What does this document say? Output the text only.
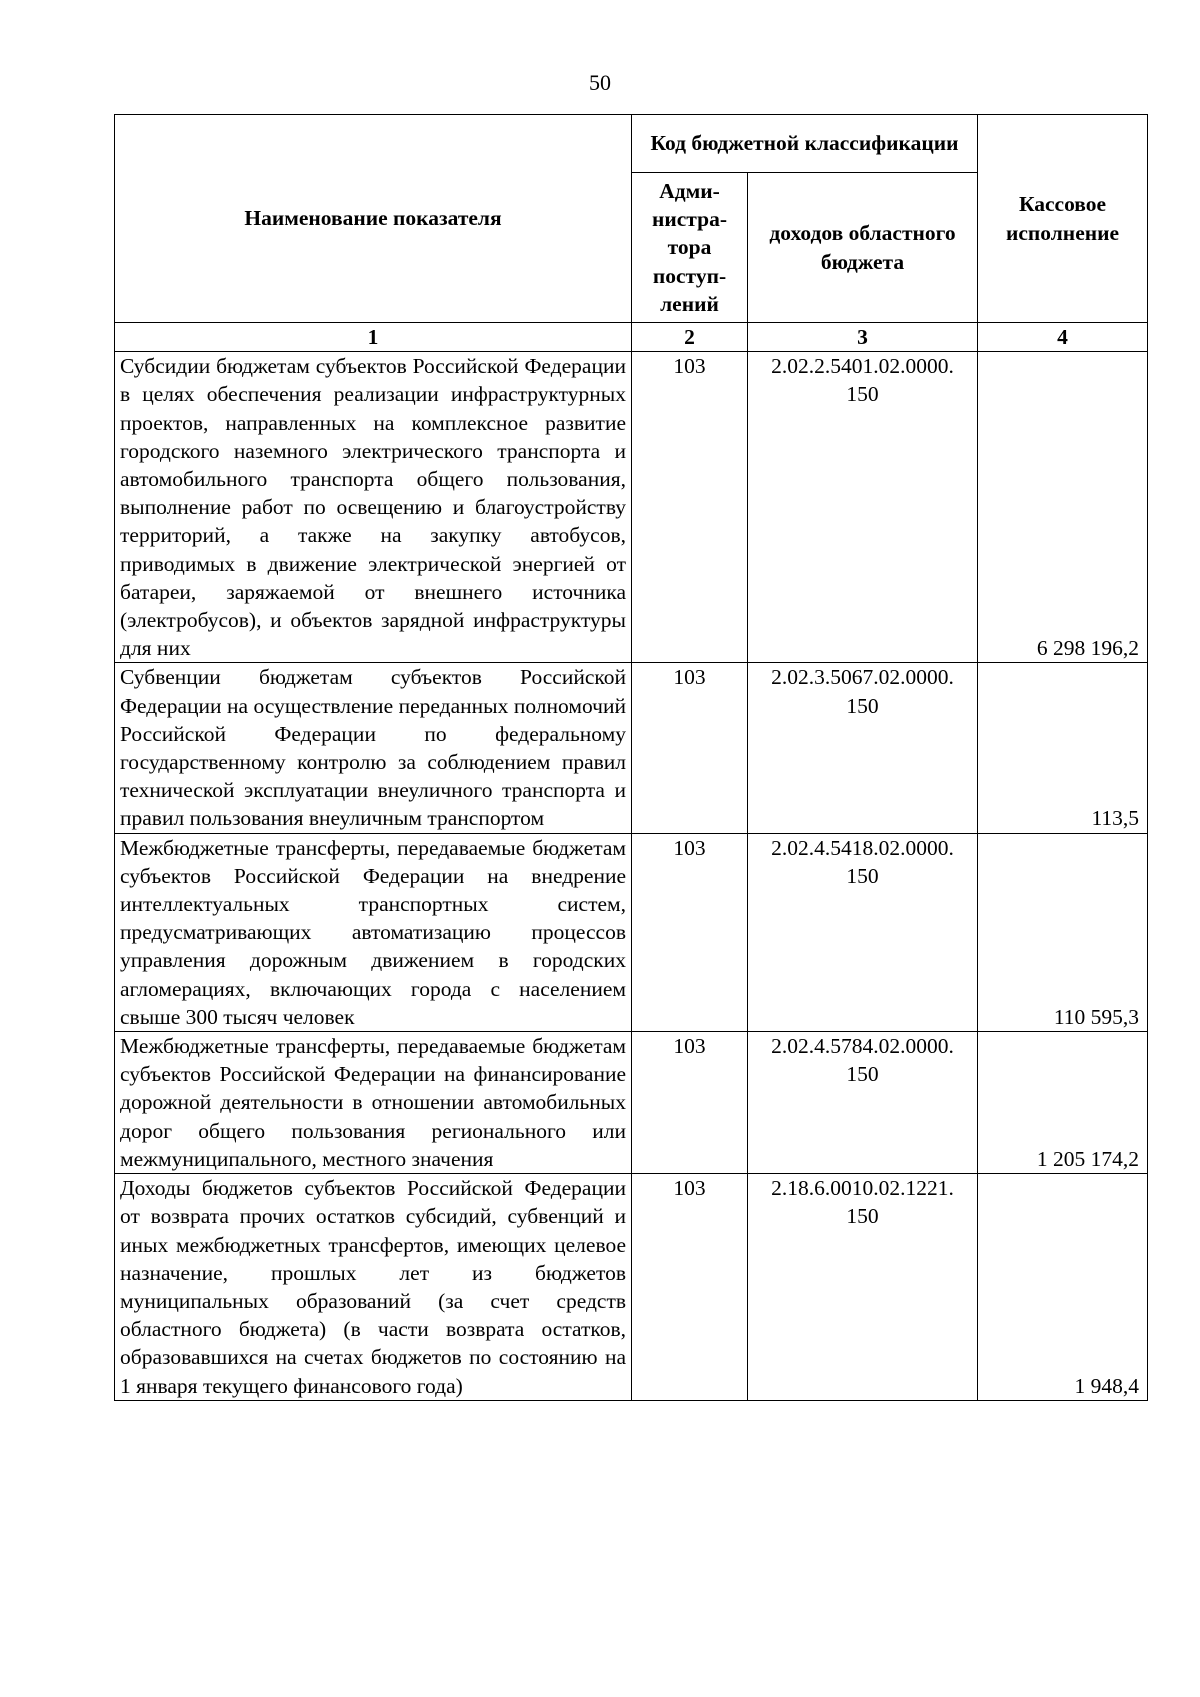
50
Наименование показателя	Код бюджетной классификации		Кассовое исполнение
	Адми-нистра-тора поступ-лений	доходов областного бюджета	
1	2	3	4
Субсидии бюджетам субъектов Российской Федерации в целях обеспечения реализации инфраструктурных проектов, направленных на комплексное развитие городского наземного электрического транспорта и автомобильного транспорта общего пользования, выполнение работ по освещению и благоустройству территорий, а также на закупку автобусов, приводимых в движение электрической энергией от батареи, заряжаемой от внешнего источника (электробусов), и объектов зарядной инфраструктуры для них	103	2.02.2.5401.02.0000. 150	6 298 196,2
Субвенции бюджетам субъектов Российской Федерации на осуществление переданных полномочий Российской Федерации по федеральному государственному контролю за соблюдением правил технической эксплуатации внеуличного транспорта и правил пользования внеуличным транспортом	103	2.02.3.5067.02.0000. 150	113,5
Межбюджетные трансферты, передаваемые бюджетам субъектов Российской Федерации на внедрение интеллектуальных транспортных систем, предусматривающих автоматизацию процессов управления дорожным движением в городских агломерациях, включающих города с населением свыше 300 тысяч человек	103	2.02.4.5418.02.0000. 150	110 595,3
Межбюджетные трансферты, передаваемые бюджетам субъектов Российской Федерации на финансирование дорожной деятельности в отношении автомобильных дорог общего пользования регионального или межмуниципального, местного значения	103	2.02.4.5784.02.0000. 150	1 205 174,2
Доходы бюджетов субъектов Российской Федерации от возврата прочих остатков субсидий, субвенций и иных межбюджетных трансфертов, имеющих целевое назначение, прошлых лет из бюджетов муниципальных образований (за счет средств областного бюджета) (в части возврата остатков, образовавшихся на счетах бюджетов по состоянию на 1 января текущего финансового года)	103	2.18.6.0010.02.1221. 150	1 948,4
